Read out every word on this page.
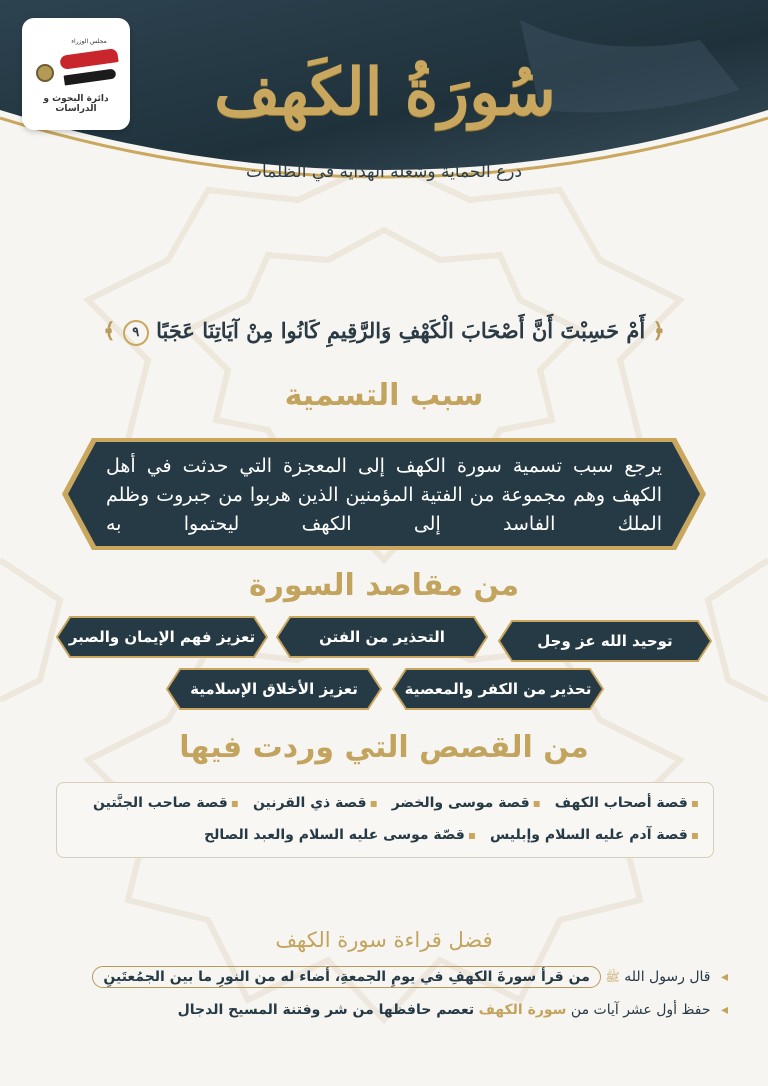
مجلس الوزراء
دائرة البحوث و الدراسات	سُورَةُ الكَهف
درع الحماية وشعلة الهداية في الظلمات
﴿ أَمْ حَسِبْتَ أَنَّ أَصْحَابَ الْكَهْفِ وَالرَّقِيمِ كَانُوا مِنْ آيَاتِنَا عَجَبًا ٩ ﴾
سبب التسمية
يرجع سبب تسمية سورة الكهف إلى المعجزة التي حدثت في أهل الكهف وهم مجموعة من الفتية المؤمنين الذين هربوا من جبروت وظلم الملك الفاسد إلى الكهف ليحتموا به
من مقاصد السورة
توحيد الله عز وجل
التحذير من الفتن
تعزيز فهم الإيمان والصبر
تحذير من الكفر والمعصية
تعزيز الأخلاق الإسلامية
من القصص التي وردت فيها
▪ قصة أصحاب الكهف
▪ قصة موسى والخضر
▪ قصة ذي القرنين
▪ قصة صاحب الجنَّتين
▪ قصة آدم عليه السلام وإبليس
▪ قصّة موسى عليه السلام والعبد الصالح
فضل قراءة سورة الكهف
◂ قال رسول الله ﷺ من قرأ سورةَ الكهفِ في يومِ الجمعةِ، أضاء له من النورِ ما بين الجمُعتَينِ
◂ حفظ أول عشر آيات من سورة الكهف تعصم حافظها من شر وفتنة المسيح الدجال
